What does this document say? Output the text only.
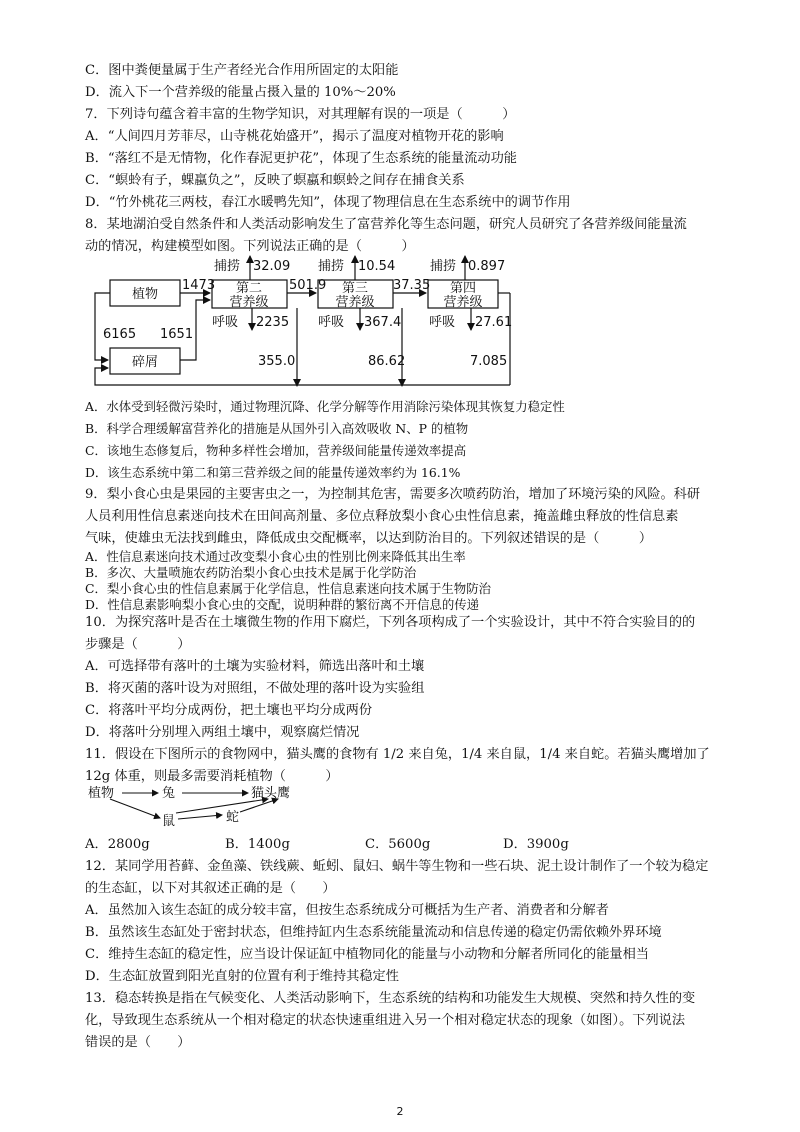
C．图中粪便量属于生产者经光合作用所固定的太阳能
D．流入下一个营养级的能量占摄入量的 10%～20%
7．下列诗句蕴含着丰富的生物学知识，对其理解有误的一项是（　　　）
A．“人间四月芳菲尽，山寺桃花始盛开”，揭示了温度对植物开花的影响
B．“落红不是无情物，化作春泥更护花”，体现了生态系统的能量流动功能
C．“螟蛉有子，蜾蠃负之”，反映了螟蠃和螟蛉之间存在捕食关系
D．“竹外桃花三两枝，春江水暖鸭先知”，体现了物理信息在生态系统中的调节作用
8．某地湖泊受自然条件和人类活动影响发生了富营养化等生态问题，研究人员研究了各营养级间能量流
动的情况，构建模型如图。下列说法正确的是（　　　）
植物
碎屑
第二
营养级
第三
营养级
第四
营养级
捕捞 32.09 捕捞 10.54	捕捞 0.897
呼吸 2235 呼吸 367.4 呼吸 27.61
1473	501.9	37.35
6165 1651
355.0	86.62	7.085
A．水体受到轻微污染时，通过物理沉降、化学分解等作用消除污染体现其恢复力稳定性
B．科学合理缓解富营养化的措施是从国外引入高效吸收 N、P 的植物
C．该地生态修复后，物种多样性会增加，营养级间能量传递效率提高
D．该生态系统中第二和第三营养级之间的能量传递效率约为 16.1%
9．梨小食心虫是果园的主要害虫之一，为控制其危害，需要多次喷药防治，增加了环境污染的风险。科研
人员利用性信息素迷向技术在田间高剂量、多位点释放梨小食心虫性信息素，掩盖雌虫释放的性信息素
气味，使雄虫无法找到雌虫，降低成虫交配概率，以达到防治目的。下列叙述错误的是（　　　）
A．性信息素迷向技术通过改变梨小食心虫的性别比例来降低其出生率
B．多次、大量喷施农药防治梨小食心虫技术是属于化学防治
C．梨小食心虫的性信息素属于化学信息，性信息素迷向技术属于生物防治
D．性信息素影响梨小食心虫的交配，说明种群的繁衍离不开信息的传递
10．为探究落叶是否在土壤微生物的作用下腐烂，下列各项构成了一个实验设计，其中不符合实验目的的
步骤是（　　　）
A．可选择带有落叶的土壤为实验材料，筛选出落叶和土壤
B．将灭菌的落叶设为对照组，不做处理的落叶设为实验组
C．将落叶平均分成两份，把土壤也平均分成两份
D．将落叶分别埋入两组土壤中，观察腐烂情况
11．假设在下图所示的食物网中，猫头鹰的食物有 1/2 来自兔，1/4 来自鼠，1/4 来自蛇。若猫头鹰增加了
12g 体重，则最多需要消耗植物（　　　）
植物	兔	猫头鹰
鼠	蛇
A．2800g	B．1400g	C．5600g	D．3900g
12．某同学用苔藓、金鱼藻、铁线蕨、蚯蚓、鼠妇、蜗牛等生物和一些石块、泥土设计制作了一个较为稳定
的生态缸，以下对其叙述正确的是（　　）
A．虽然加入该生态缸的成分较丰富，但按生态系统成分可概括为生产者、消费者和分解者
B．虽然该生态缸处于密封状态，但维持缸内生态系统能量流动和信息传递的稳定仍需依赖外界环境
C．维持生态缸的稳定性，应当设计保证缸中植物同化的能量与小动物和分解者所同化的能量相当
D．生态缸放置到阳光直射的位置有利于维持其稳定性
13．稳态转换是指在气候变化、人类活动影响下，生态系统的结构和功能发生大规模、突然和持久性的变
化，导致现生态系统从一个相对稳定的状态快速重组进入另一个相对稳定状态的现象（如图）。下列说法
错误的是（　　）
2
